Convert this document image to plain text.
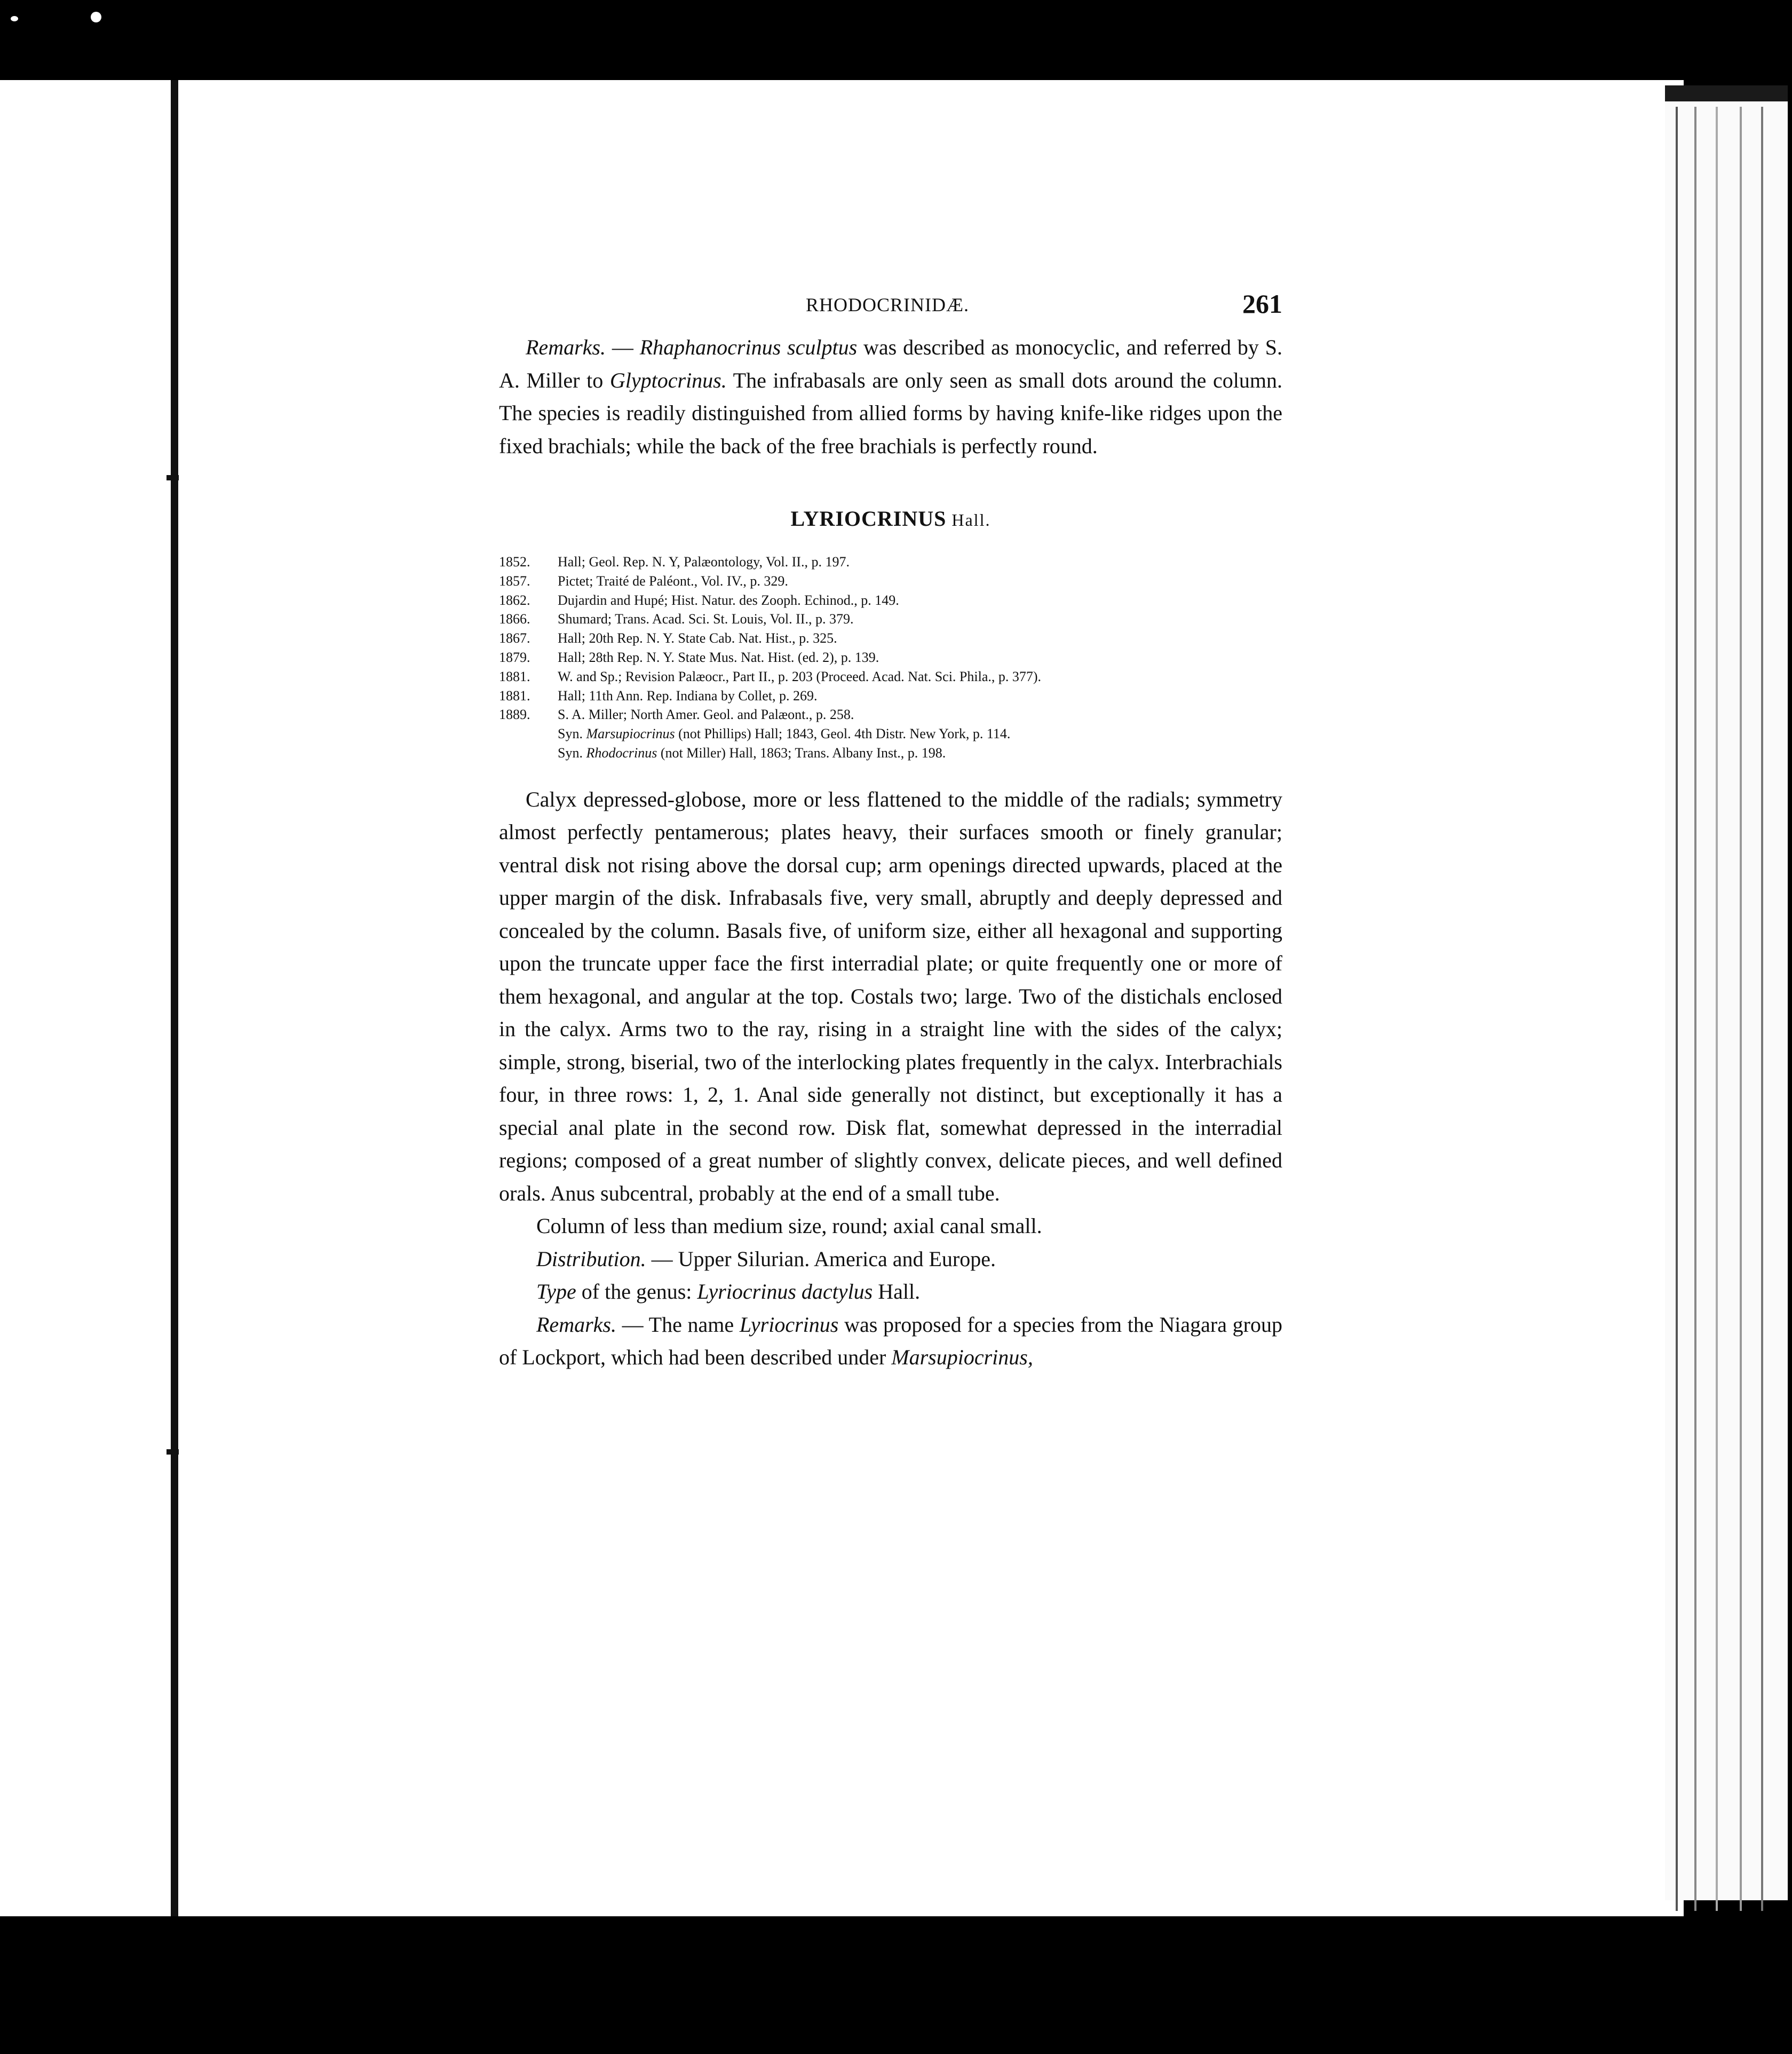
RHODOCRINIDÆ.	261

Remarks. — Rhaphanocrinus sculptus was described as monocyclic, and referred by S. A. Miller to Glyptocrinus. The infrabasals are only seen as small dots around the column. The species is readily distinguished from allied forms by having knife-like ridges upon the fixed brachials; while the back of the free brachials is perfectly round.

LYRIOCRINUS Hall.
1852.	Hall; Geol. Rep. N. Y, Palæontology, Vol. II., p. 197.
1857.	Pictet; Traité de Paléont., Vol. IV., p. 329.
1862.	Dujardin and Hupé; Hist. Natur. des Zooph. Echinod., p. 149.
1866.	Shumard; Trans. Acad. Sci. St. Louis, Vol. II., p. 379.
1867.	Hall; 20th Rep. N. Y. State Cab. Nat. Hist., p. 325.
1879.	Hall; 28th Rep. N. Y. State Mus. Nat. Hist. (ed. 2), p. 139.
1881.	W. and Sp.; Revision Palæocr., Part II., p. 203 (Proceed. Acad. Nat. Sci. Phila., p. 377).
1881.	Hall; 11th Ann. Rep. Indiana by Collet, p. 269.
1889.	S. A. Miller; North Amer. Geol. and Palæont., p. 258.
Syn. Marsupiocrinus (not Phillips) Hall; 1843, Geol. 4th Distr. New York, p. 114.
Syn. Rhodocrinus (not Miller) Hall, 1863; Trans. Albany Inst., p. 198.

Calyx depressed-globose, more or less flattened to the middle of the radials; symmetry almost perfectly pentamerous; plates heavy, their surfaces smooth or finely granular; ventral disk not rising above the dorsal cup; arm openings directed upwards, placed at the upper margin of the disk. Infrabasals five, very small, abruptly and deeply depressed and concealed by the column. Basals five, of uniform size, either all hexagonal and supporting upon the truncate upper face the first interradial plate; or quite frequently one or more of them hexagonal, and angular at the top. Costals two; large. Two of the distichals enclosed in the calyx. Arms two to the ray, rising in a straight line with the sides of the calyx; simple, strong, biserial, two of the interlocking plates frequently in the calyx. Interbrachials four, in three rows: 1, 2, 1. Anal side generally not distinct, but exceptionally it has a special anal plate in the second row. Disk flat, somewhat depressed in the interradial regions; composed of a great number of slightly convex, delicate pieces, and well defined orals. Anus subcentral, probably at the end of a small tube.

Column of less than medium size, round; axial canal small.

Distribution. — Upper Silurian. America and Europe.

Type of the genus: Lyriocrinus dactylus Hall.

Remarks. — The name Lyriocrinus was proposed for a species from the Niagara group of Lockport, which had been described under Marsupiocrinus,
